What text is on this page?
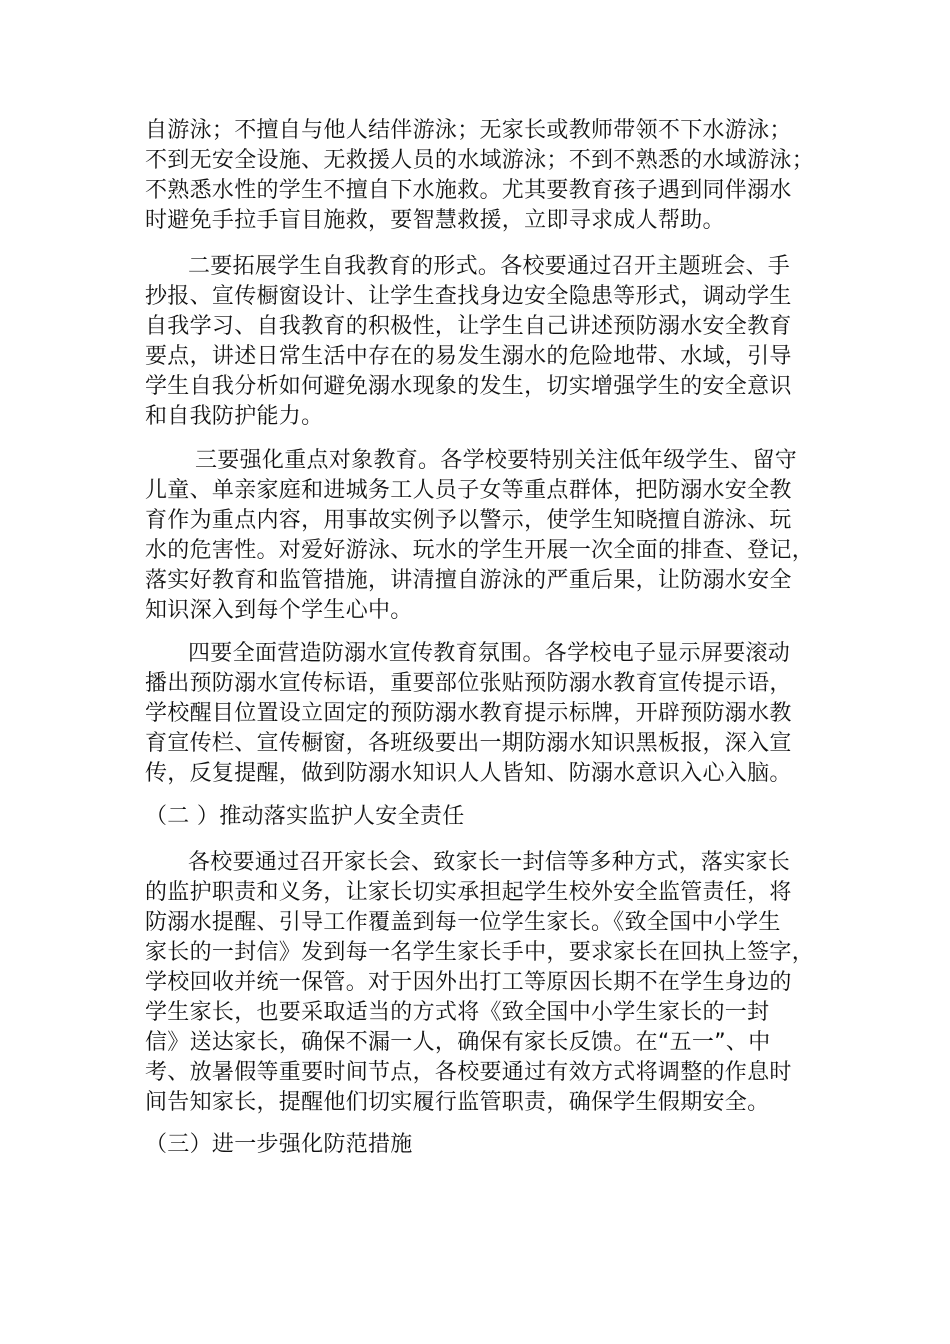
自游泳；不擅自与他人结伴游泳；无家长或教师带领不下水游泳；
不到无安全设施、无救援人员的水域游泳；不到不熟悉的水域游泳；
不熟悉水性的学生不擅自下水施救。尤其要教育孩子遇到同伴溺水
时避免手拉手盲目施救，要智慧救援，立即寻求成人帮助。
二要拓展学生自我教育的形式。各校要通过召开主题班会、手
抄报、宣传橱窗设计、让学生查找身边安全隐患等形式，调动学生
自我学习、自我教育的积极性，让学生自己讲述预防溺水安全教育
要点，讲述日常生活中存在的易发生溺水的危险地带、水域，引导
学生自我分析如何避免溺水现象的发生，切实增强学生的安全意识
和自我防护能力。
三要强化重点对象教育。各学校要特别关注低年级学生、留守
儿童、单亲家庭和进城务工人员子女等重点群体，把防溺水安全教
育作为重点内容，用事故实例予以警示，使学生知晓擅自游泳、玩
水的危害性。对爱好游泳、玩水的学生开展一次全面的排查、登记，
落实好教育和监管措施，讲清擅自游泳的严重后果，让防溺水安全
知识深入到每个学生心中。
四要全面营造防溺水宣传教育氛围。各学校电子显示屏要滚动
播出预防溺水宣传标语，重要部位张贴预防溺水教育宣传提示语，
学校醒目位置设立固定的预防溺水教育提示标牌，开辟预防溺水教
育宣传栏、宣传橱窗，各班级要出一期防溺水知识黑板报，深入宣
传，反复提醒，做到防溺水知识人人皆知、防溺水意识入心入脑。
（二 ）推动落实监护人安全责任
各校要通过召开家长会、致家长一封信等多种方式，落实家长
的监护职责和义务，让家长切实承担起学生校外安全监管责任，将
防溺水提醒、引导工作覆盖到每一位学生家长。《致全国中小学生
家长的一封信》发到每一名学生家长手中，要求家长在回执上签字，
学校回收并统一保管。对于因外出打工等原因长期不在学生身边的
学生家长，也要采取适当的方式将《致全国中小学生家长的一封
信》送达家长，确保不漏一人，确保有家长反馈。在“五一”、中
考、放暑假等重要时间节点，各校要通过有效方式将调整的作息时
间告知家长，提醒他们切实履行监管职责，确保学生假期安全。
（三）进一步强化防范措施
